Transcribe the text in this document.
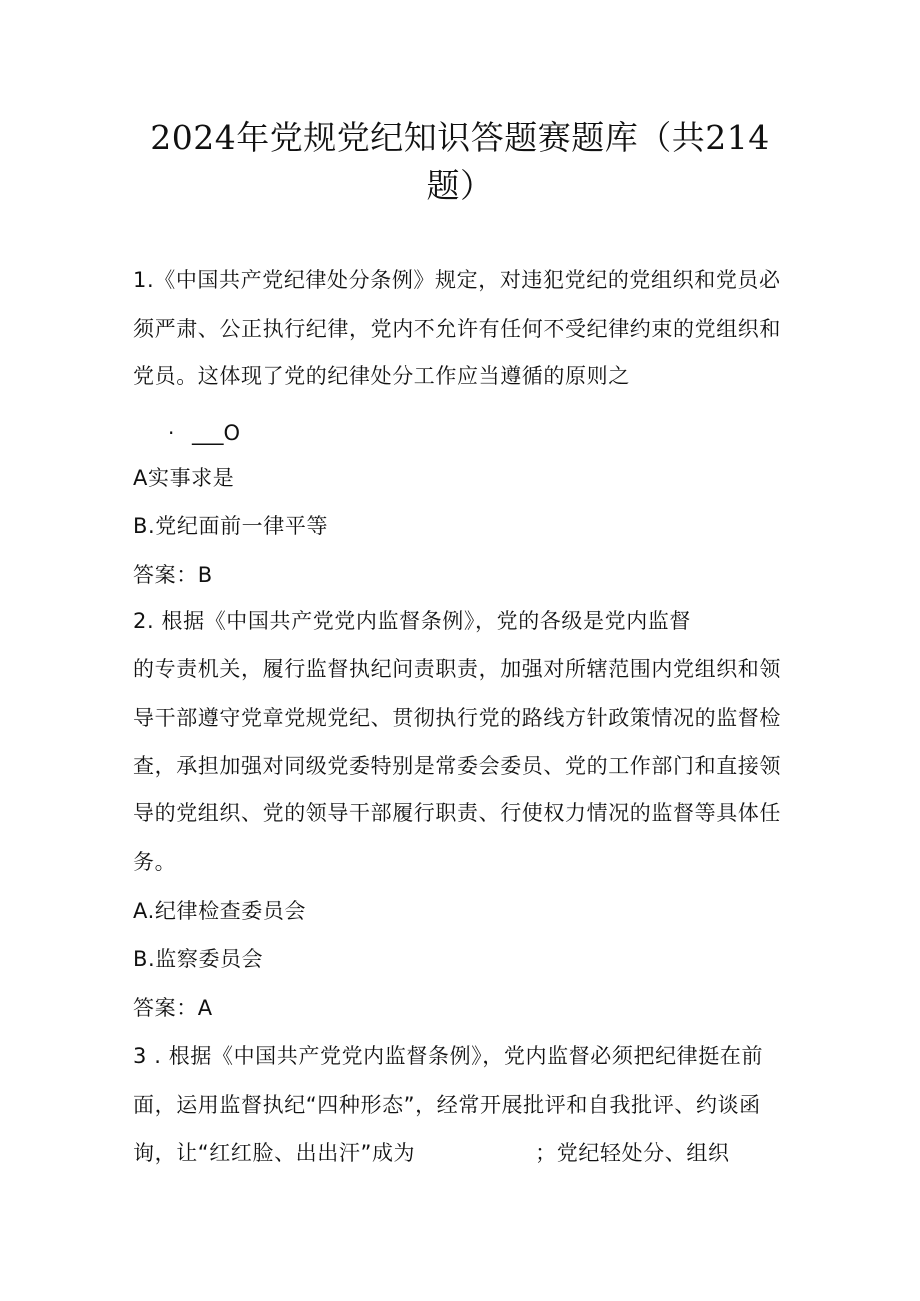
2024年党规党纪知识答题赛题库（共214
题）
1.《中国共产党纪律处分条例》规定，对违犯党纪的党组织和党员必
须严肃、公正执行纪律，党内不允许有任何不受纪律约束的党组织和
党员。这体现了党的纪律处分工作应当遵循的原则之
· ___O
A实事求是
B.党纪面前一律平等
答案：B
2. 根据《中国共产党党内监督条例》，党的各级是党内监督
的专责机关，履行监督执纪问责职责，加强对所辖范围内党组织和领
导干部遵守党章党规党纪、贯彻执行党的路线方针政策情况的监督检
查，承担加强对同级党委特别是常委会委员、党的工作部门和直接领
导的党组织、党的领导干部履行职责、行使权力情况的监督等具体任
务。
A.纪律检查委员会
B.监察委员会
答案：A
3 . 根据《中国共产党党内监督条例》，党内监督必须把纪律挺在前
面，运用监督执纪“四种形态”，经常开展批评和自我批评、约谈函
询，让“红红脸、出出汗”成为	；党纪轻处分、组织
